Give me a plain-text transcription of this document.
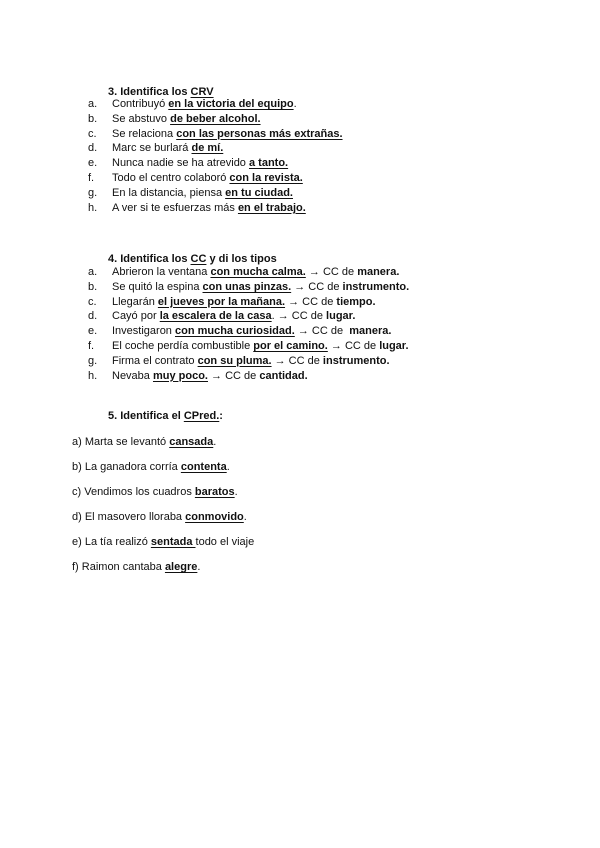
3. Identifica los CRV
a.	Contribuyó en la victoria del equipo.
b.	Se abstuvo de beber alcohol.
c.	Se relaciona con las personas más extrañas.
d.	Marc se burlará de mí.
e.	Nunca nadie se ha atrevido a tanto.
f.	Todo el centro colaboró con la revista.
g.	En la distancia, piensa en tu ciudad.
h.	A ver si te esfuerzas más en el trabajo.
4. Identifica los CC y di los tipos
a.	Abrieron la ventana con mucha calma. → CC de manera.
b.	Se quitó la espina con unas pinzas. → CC de instrumento.
c.	Llegarán el jueves por la mañana. → CC de tiempo.
d.	Cayó por la escalera de la casa. → CC de lugar.
e.	Investigaron con mucha curiosidad. → CC de  manera.
f.	El coche perdía combustible por el camino. → CC de lugar.
g.	Firma el contrato con su pluma. → CC de instrumento.
h.	Nevaba muy poco. → CC de cantidad.
5. Identifica el CPred.:
a) Marta se levantó cansada.
b) La ganadora corría contenta.
c) Vendimos los cuadros baratos.
d) El masovero lloraba conmovido.
e) La tía realizó sentada todo el viaje
f) Raimon cantaba alegre.
